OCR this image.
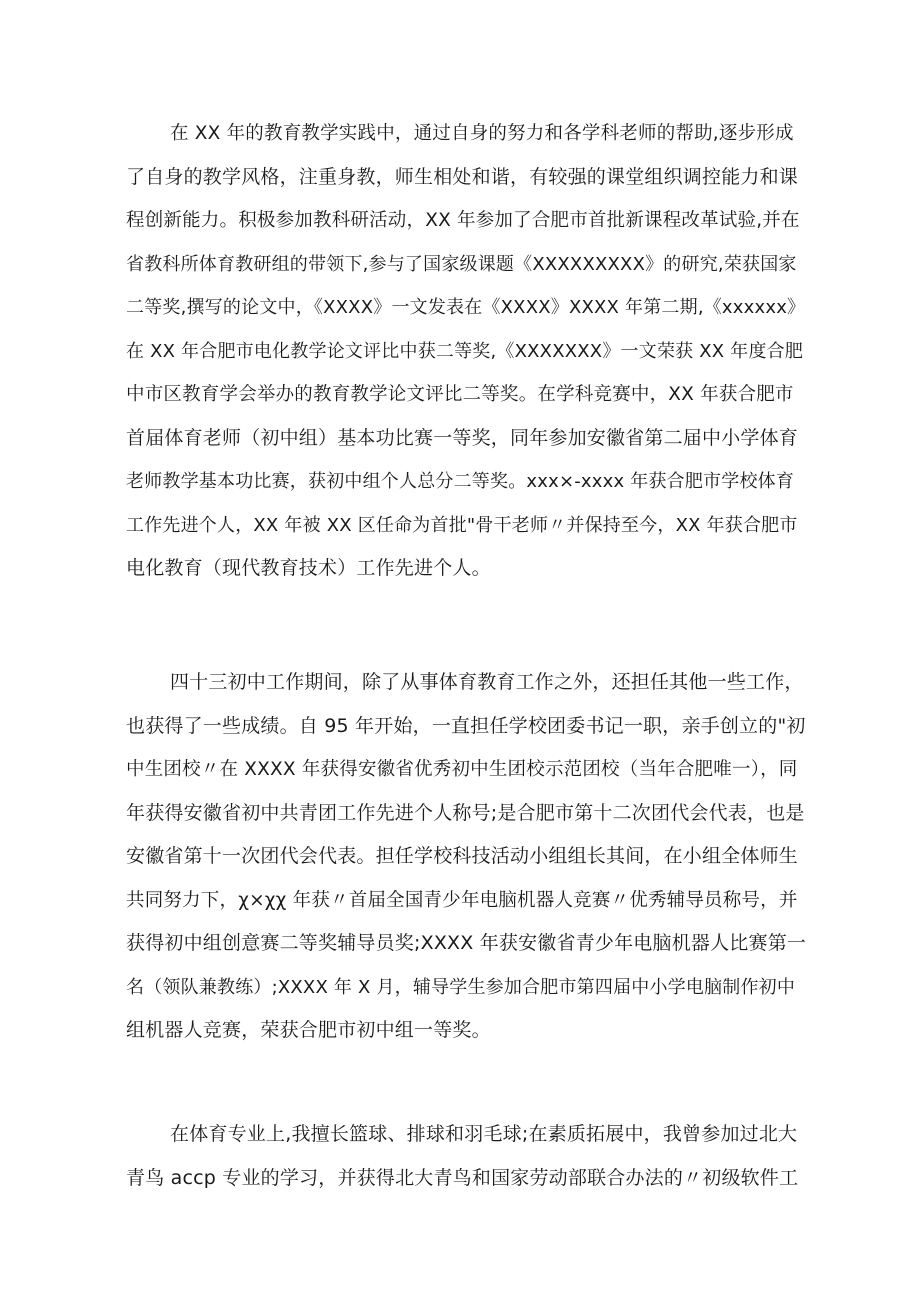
在 XX 年的教育教学实践中，通过自身的努力和各学科老师的帮助,逐步形成
了自身的教学风格，注重身教，师生相处和谐，有较强的课堂组织调控能力和课
程创新能力。积极参加教科研活动，XX 年参加了合肥市首批新课程改革试验,并在
省教科所体育教研组的带领下,参与了国家级课题《XXXXXXXXX》的研究,荣获国家
二等奖,撰写的论文中，《XXXX》一文发表在《XXXX》XXXX 年第二期,《xxxxxx》
在 XX 年合肥市电化教学论文评比中获二等奖,《XXXXXXX》一文荣获 XX 年度合肥
中市区教育学会举办的教育教学论文评比二等奖。在学科竞赛中，XX 年获合肥市
首届体育老师（初中组）基本功比赛一等奖，同年参加安徽省第二届中小学体育
老师教学基本功比赛，获初中组个人总分二等奖。xxx×-xxxx 年获合肥市学校体育
工作先进个人，XX 年被 XX 区任命为首批"骨干老师〃并保持至今，XX 年获合肥市
电化教育（现代教育技术）工作先进个人。
四十三初中工作期间，除了从事体育教育工作之外，还担任其他一些工作，
也获得了一些成绩。自 95 年开始，一直担任学校团委书记一职，亲手创立的"初
中生团校〃在 XXXX 年获得安徽省优秀初中生团校示范团校（当年合肥唯一），同
年获得安徽省初中共青团工作先进个人称号;是合肥市第十二次团代会代表，也是
安徽省第十一次团代会代表。担任学校科技活动小组组长其间，在小组全体师生
共同努力下，χ×χχ 年获〃首届全国青少年电脑机器人竞赛〃优秀辅导员称号，并
获得初中组创意赛二等奖辅导员奖;XXXX 年获安徽省青少年电脑机器人比赛第一
名（领队兼教练）;XXXX 年 X 月，辅导学生参加合肥市第四届中小学电脑制作初中
组机器人竞赛，荣获合肥市初中组一等奖。
在体育专业上,我擅长篮球、排球和羽毛球;在素质拓展中，我曾参加过北大
青鸟 accp 专业的学习，并获得北大青鸟和国家劳动部联合办法的〃初级软件工
